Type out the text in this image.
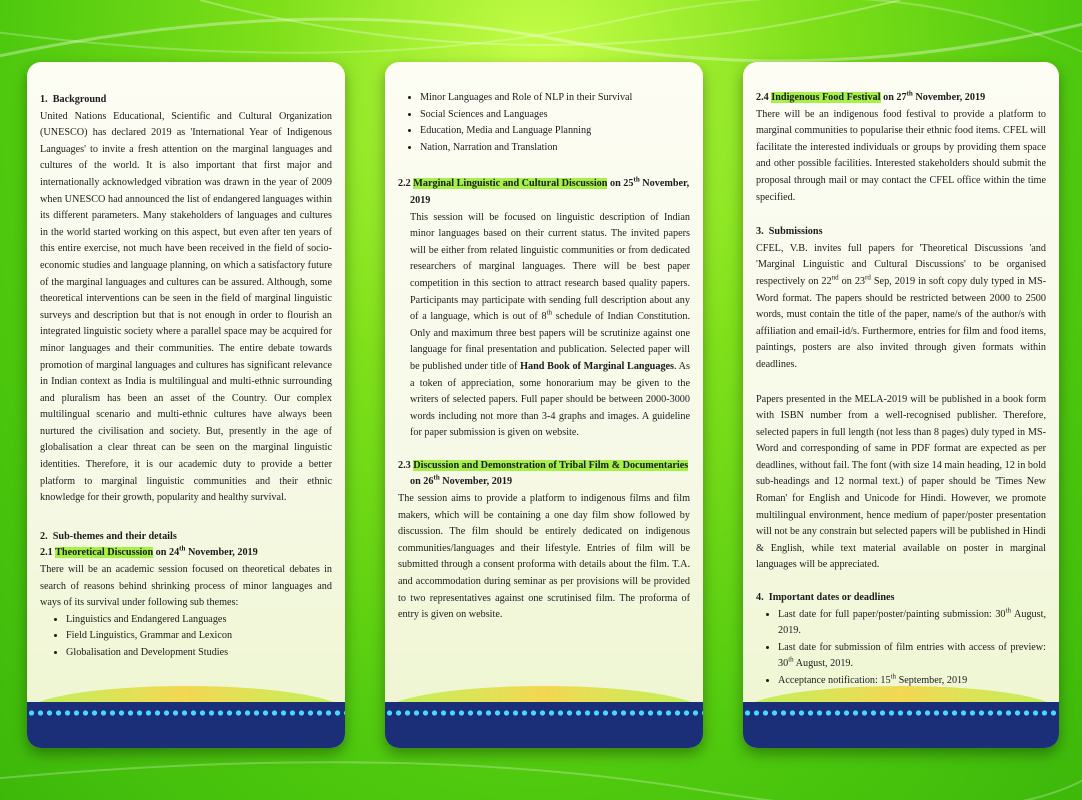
1.  Background

United Nations Educational, Scientific and Cultural Organization (UNESCO) has declared 2019 as 'International Year of Indigenous Languages' to invite a fresh attention on the marginal languages and cultures of the world. It is also important that first major and internationally acknowledged vibration was drawn in the year of 2009 when UNESCO had announced the list of endangered languages within its different parameters. Many stakeholders of languages and cultures in the world started working on this aspect, but even after ten years of this entire exercise, not much have been received in the field of socio-economic studies and language planning, on which a satisfactory future of the marginal languages and cultures can be assured. Although, some theoretical interventions can be seen in the field of marginal linguistic surveys and description but that is not enough in order to flourish an integrated linguistic society where a parallel space may be acquired for minor languages and their communities. The entire debate towards promotion of marginal languages and cultures has significant relevance in Indian context as India is multilingual and multi-ethnic surrounding and pluralism has been an asset of the Country. Our complex multilingual scenario and multi-ethnic cultures have always been nurtured the civilisation and society. But, presently in the age of globalisation a clear threat can be seen on the marginal linguistic identities. Therefore, it is our academic duty to provide a better platform to marginal linguistic communities and their ethnic knowledge for their growth, popularity and healthy survival.

2.  Sub-themes and their details
2.1 Theoretical Discussion on 24th November, 2019

There will be an academic session focused on theoretical debates in search of reasons behind shrinking process of minor languages and ways of its survival under following sub themes:

• Linguistics and Endangered Languages
• Field Linguistics, Grammar and Lexicon
• Globalisation and Development Studies
• Minor Languages and Role of NLP in their Survival
• Social Sciences and Languages
• Education, Media and Language Planning
• Nation, Narration and Translation
2.2 Marginal Linguistic and Cultural Discussion on 25th November,
2019

This session will be focused on linguistic description of Indian minor languages based on their current status. The invited papers will be either from related linguistic communities or from dedicated researchers of marginal languages. There will be best paper competition in this section to attract research based quality papers. Participants may participate with sending full description about any of a language, which is out of 8th schedule of Indian Constitution. Only and maximum three best papers will be scrutinize against one language for final presentation and publication. Selected paper will be published under title of Hand Book of Marginal Languages. As a token of appreciation, some honorarium may be given to the writers of selected papers. Full paper should be between 2000-3000 words including not more than 3-4 graphs and images. A guideline for paper submission is given on website.

2.3 Discussion and Demonstration of Tribal Film & Documentaries
on 26th November, 2019

The session aims to provide a platform to indigenous films and film makers, which will be containing a one day film show followed by discussion. The film should be entirely dedicated on indigenous communities/languages and their lifestyle. Entries of film will be submitted through a consent proforma with details about the film. T.A. and accommodation during seminar as per provisions will be provided to two representatives against one scrutinised film. The proforma of entry is given on website.

2.4 Indigenous Food Festival on 27th November, 2019

There will be an indigenous food festival to provide a platform to marginal communities to popularise their ethnic food items. CFEL will facilitate the interested individuals or groups by providing them space and other possible facilities. Interested stakeholders should submit the proposal through mail or may contact the CFEL office within the time specified.

3.  Submissions

CFEL, V.B. invites full papers for 'Theoretical Discussions 'and 'Marginal Linguistic and Cultural Discussions' to be organised respectively on 22nd on 23rd Sep, 2019 in soft copy duly typed in MS-Word format. The papers should be restricted between 2000 to 2500 words, must contain the title of the paper, name/s of the author/s with affiliation and email-id/s. Furthermore, entries for film and food items, paintings, posters are also invited through given formats within deadlines.

Papers presented in the MELA-2019 will be published in a book form with ISBN number from a well-recognised publisher. Therefore, selected papers in full length (not less than 8 pages) duly typed in MS-Word and corresponding of same in PDF format are expected as per deadlines, without fail. The font (with size 14 main heading, 12 in bold sub-headings and 12 normal text.) of paper should be 'Times New Roman' for English and Unicode for Hindi. However, we promote multilingual environment, hence medium of paper/poster presentation will not be any constrain but selected papers will be published in Hindi & English, while text material available on poster in marginal languages will be appreciated.

4.  Important dates or deadlines
• Last date for full paper/poster/painting submission: 30th August, 2019.
• Last date for submission of film entries with access of preview: 30th August, 2019.
• Acceptance notification: 15th September, 2019
